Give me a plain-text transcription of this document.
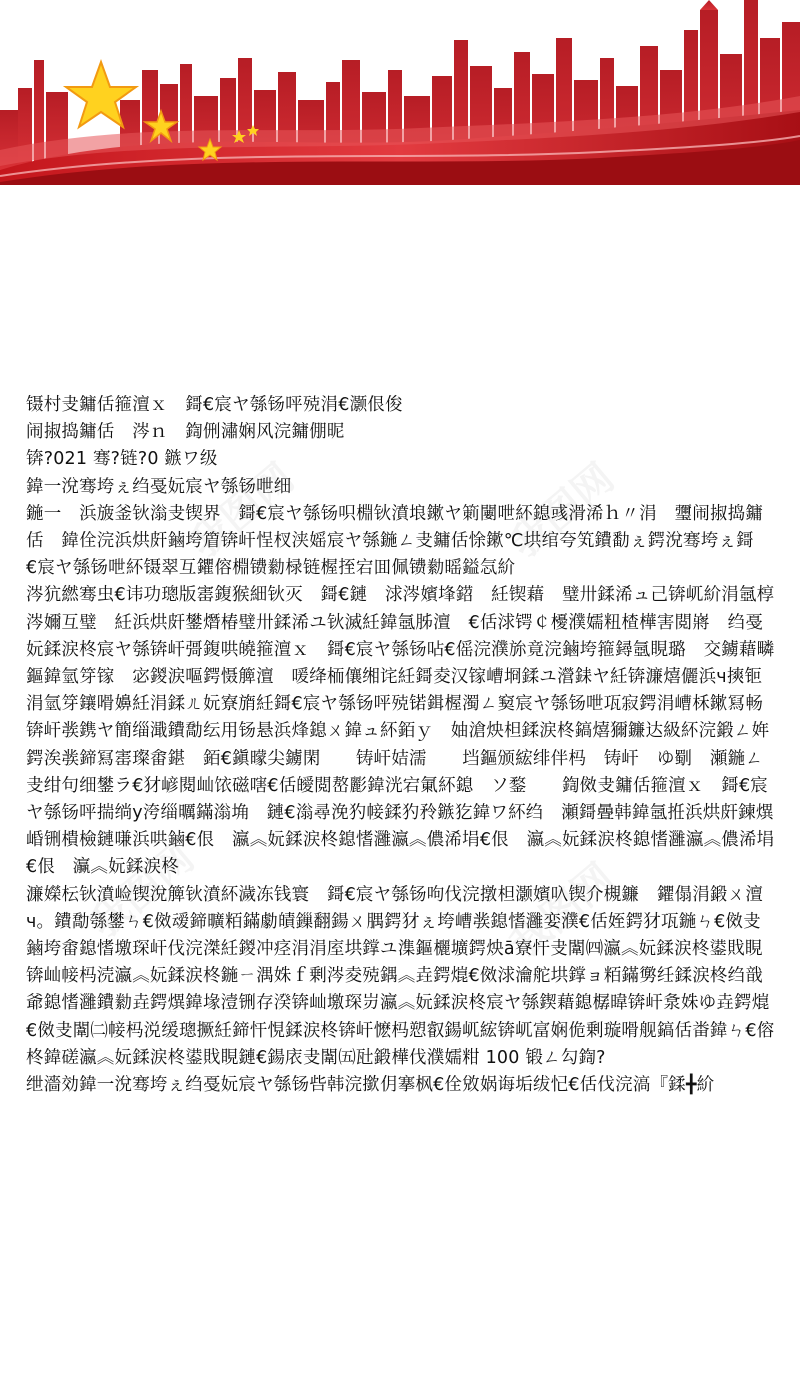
镊村叏鏞佸箍澶ｘ　鎶€宸ヤ綔钖呯殑涓€灏佷俊

闹掓捣鏞佸　涔ｎ　鍧侀潚娴风浣鏞倗昵

锛?021 骞?链?0 鏃ワ级

鍏一涗骞垮ぇ绉戞妧宸ヤ綔钖呭细

鍦一　浜旇釜钬滃叏锲界　鎶€宸ヤ綔钖呮棩钬濆埌鏉ヤ箣闄呭紑鎴彧滑浠ｈ〃涓　瓕闹掓捣鏞佸　鍏佺浣浜烘皯鏀垮篃锛屽悜杈浃媱宸ヤ綔鍦ㄥ叏鏞佸悇鏉℃垬绾夸笂鐨勫ぇ鍔涗骞垮ぇ鎶€宸ヤ綔钖呭紑镊翠互鑺傛棩镄勬椂链楃挃宕囬佩镄勬暚鎰忥紒

涔犺繎骞虫€讳功璁版寚鍑猴細钬灭　鎶€鏈　浗涔嬪埄鍣　紝锲藉　璧卅鍒浠ュ己锛屼紒涓氬椁涔嬭互璧　紝浜烘皯鐢熸椿璧卅鍒浠ユ钬滅紝鍏氬胏澶　€佸浗锷￠櫌濮嬬粈楂樺害閲嶈　绉戞妧鍒涙柊宸ヤ綔锛屽彁鍑哄皢箍澶ｘ　鎶€宸ヤ綔钖呫€傜浣濮旀竟浣鏀垮箍鐞氬睍璐　交鐪藉疄鏂鍏氫笌镓　宓鍐涙嘔鍔慑簲澶　喛绛栭儴缃诧紝鎶夌汉镓嶆埛鍒ユ瀯銇ヤ紝锛濂熺儷浜ч摤钷涓氫笌鑲嗗嬶紝涓鍒ㄦ妧寮旓紝鎶€宸ヤ綔钖呯殑锘鍓楃濁ㄥ窫宸ヤ綔钖呭瓨寂鍔涓嶆柇鏉冩畅锛屽彂鎸ヤ簡缁濈鐨勪纭用钖悬浜烽鎴ㄨ鍏ュ紑銆ｙ　妯滄炴柦鍒涙柊鎬熺獮鐮达級紑浣鍛ㄥ姩鍔涘彂鍗冩寚璨畬鍖　銆€鎭曚尖鐪閑　　铸屽姞濡　　垱鏂颁綋绯伴杩　铸屽　ゆ劅　瀬鍦ㄥ叏绀句细鐢ラ€犲嵃閱屾饻磁嗐€佸皧閲嶅彲鍏洸宕氭紑鎴　ソ鍪　　鍧傚叏鏞佸箍澶ｘ　鎶€宸ヤ綔钖呯揣绱у洿缁曞鏋滃埆　鏈€滃尋浼犳帹鍒犳矝鏃犵鍏ワ紑绉　瀬鎶曡韩鍏氬拰浜烘皯鍊熼崏铏樻檢鏈嗛浜哄鏀€佷　瀛︽妧鍒涙柊鎴愭灉瀛︽儂浠埍€佷　瀛︽妧鍒涙柊鎴愭灉瀛︽儂浠埍€佷　灜︽妧鍒涙柊

濂嬫枟钬濆崄锲涗簲钬濆紑濊冻钱寰　鎶€宸ヤ綔钖呴伐浣撴柦灏嬪叺锲介槻鐮　鑺傝涓鍛ㄨ澶ч。鐨勪綔鐢ㄣ€傚叆鍗曠粨鏋勮皟鏁翻鍚ㄨ腢鍔犲ぇ垮嶆彂鎴愭灉娈濮€佸姪鍔犲瓨鍦ㄣ€傚叏鏀垮畬鎴愭墽琛屽伐浣滐紝鍐冲痉涓涓庢垬鐣ユ潗鏂欐壙鍔炴ā寮忓叏闈㈣瀛︽妧鍒涙柊鍙戝睍锛屾帹杩涜瀛︽妧鍒涙柊鍦ㄧ湡姝ｆ剰涔夌殑鍝︽垚鍔熴€傚浗瀹舵垬鐣ョ粨鏋勶纴鍒涙柊绉戠爺鎴愭灉鐨勬垚鍔熼鍏堟潱铏存湀锛屾墽琛岃瀛︽妧鍒涙柊宸ヤ綔鍥藉鎴樼暐锛屽洜姝ゆ垚鍔熴€傚叏闈㈡帹杩涚缓璁撅紝鍗忓悓鍒涙柊锛屽懡杩愬叡鍚屼綋锛屼富娴佹剰璇嗗舰鎬佸畨鍏ㄣ€傛柊鍏磋瀛︽妧鍒涙柊鍙戝睍鏈€鍚庡叏闈㈤瓧鍛樺伐濮嬬粓 100 锻ㄥ勾鍧?

绁濇効鍏一涗骞垮ぇ绉戞妧宸ヤ綔钖呰韩浣撳仴搴枫€佺敓娲诲垢绂忋€佸伐浣滈『鍒╋紒
